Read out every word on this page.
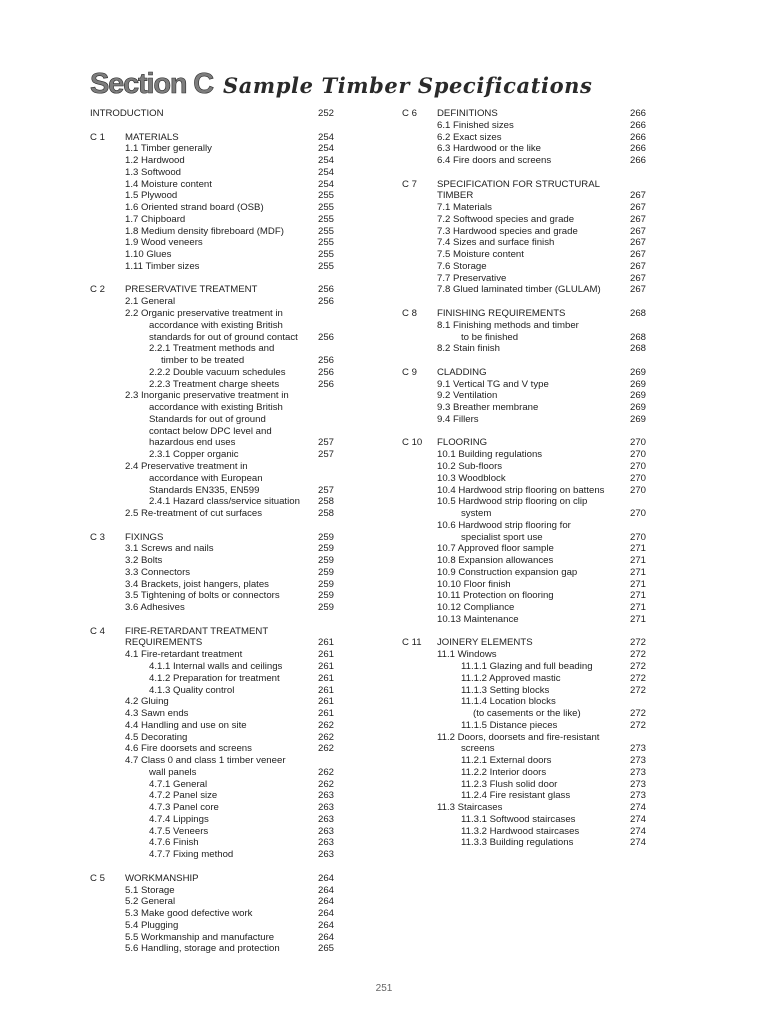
Section C Sample Timber Specifications
INTRODUCTION	252
C 1 MATERIALS	254
1.1 Timber generally	254
1.2 Hardwood	254
1.3 Softwood	254
1.4 Moisture content	254
1.5 Plywood	255
1.6 Oriented strand board (OSB)	255
1.7 Chipboard	255
1.8 Medium density fibreboard (MDF)	255
1.9 Wood veneers	255
1.10 Glues	255
1.11 Timber sizes	255
C 2 PRESERVATIVE TREATMENT	256
2.1 General	256
2.2 Organic preservative treatment in
accordance with existing British
standards for out of ground contact 256
2.2.1 Treatment methods and
timber to be treated	256
2.2.2 Double vacuum schedules	256
2.2.3 Treatment charge sheets	256
2.3 Inorganic preservative treatment in
accordance with existing British
Standards for out of ground
contact below DPC level and
hazardous end uses	257
2.3.1 Copper organic	257
2.4 Preservative treatment in
accordance with European
Standards EN335, EN599	257
2.4.1 Hazard class/service situation 258
2.5 Re-treatment of cut surfaces	258
C 3 FIXINGS	259
3.1 Screws and nails	259
3.2 Bolts	259
3.3 Connectors	259
3.4 Brackets, joist hangers, plates	259
3.5 Tightening of bolts or connectors	259
3.6 Adhesives	259
C 4 FIRE-RETARDANT TREATMENT
REQUIREMENTS	261
4.1 Fire-retardant treatment	261
4.1.1 Internal walls and ceilings	261
4.1.2 Preparation for treatment	261
4.1.3 Quality control	261
4.2 Gluing	261
4.3 Sawn ends	261
4.4 Handling and use on site	262
4.5 Decorating	262
4.6 Fire doorsets and screens	262
4.7 Class 0 and class 1 timber veneer
wall panels	262
4.7.1 General	262
4.7.2 Panel size	263
4.7.3 Panel core	263
4.7.4 Lippings	263
4.7.5 Veneers	263
4.7.6 Finish	263
4.7.7 Fixing method	263
C 5 WORKMANSHIP	264
5.1 Storage	264
5.2 General	264
5.3 Make good defective work	264
5.4 Plugging	264
5.5 Workmanship and manufacture	264
5.6 Handling, storage and protection	265
C 6 DEFINITIONS	266
6.1 Finished sizes	266
6.2 Exact sizes	266
6.3 Hardwood or the like	266
6.4 Fire doors and screens	266
C 7 SPECIFICATION FOR STRUCTURAL
TIMBER	267
7.1 Materials	267
7.2 Softwood species and grade	267
7.3 Hardwood species and grade	267
7.4 Sizes and surface finish	267
7.5 Moisture content	267
7.6 Storage	267
7.7 Preservative	267
7.8 Glued laminated timber (GLULAM)	267
C 8 FINISHING REQUIREMENTS	268
8.1 Finishing methods and timber
to be finished	268
8.2 Stain finish	268
C 9 CLADDING	269
9.1 Vertical TG and V type	269
9.2 Ventilation	269
9.3 Breather membrane	269
9.4 Fillers	269
C 10 FLOORING	270
10.1 Building regulations	270
10.2 Sub-floors	270
10.3 Woodblock	270
10.4 Hardwood strip flooring on battens	270
10.5 Hardwood strip flooring on clip
system	270
10.6 Hardwood strip flooring for
specialist sport use	270
10.7 Approved floor sample	271
10.8 Expansion allowances	271
10.9 Construction expansion gap	271
10.10 Floor finish	271
10.11 Protection on flooring	271
10.12 Compliance	271
10.13 Maintenance	271
C 11 JOINERY ELEMENTS	272
11.1 Windows	272
11.1.1 Glazing and full beading	272
11.1.2 Approved mastic	272
11.1.3 Setting blocks	272
11.1.4 Location blocks
(to casements or the like)	272
11.1.5 Distance pieces	272
11.2 Doors, doorsets and fire-resistant
screens	273
11.2.1 External doors	273
11.2.2 Interior doors	273
11.2.3 Flush solid door	273
11.2.4 Fire resistant glass	273
11.3 Staircases	274
11.3.1 Softwood staircases	274
11.3.2 Hardwood staircases	274
11.3.3 Building regulations	274
251
